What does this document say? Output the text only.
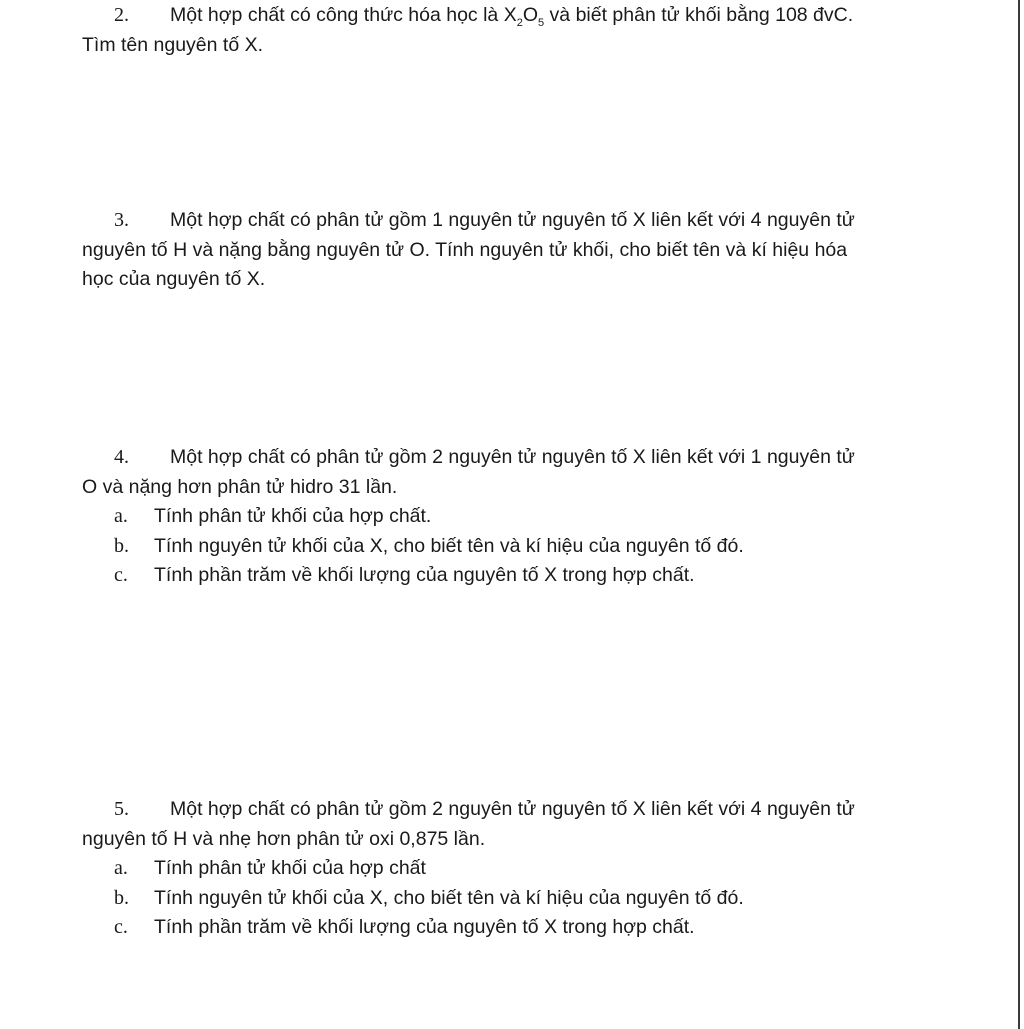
2. Một hợp chất có công thức hóa học là $X_2O_5$ và biết phân tử khối bằng 108 đvC.
Tìm tên nguyên tố X.
3. Một hợp chất có phân tử gồm 1 nguyên tử nguyên tố X liên kết với 4 nguyên tử
nguyên tố H và nặng bằng nguyên tử O. Tính nguyên tử khối, cho biết tên và kí hiệu hóa
học của nguyên tố X.
4. Một hợp chất có phân tử gồm 2 nguyên tử nguyên tố X liên kết với 1 nguyên tử
O và nặng hơn phân tử hidro 31 lần.
a. Tính phân tử khối của hợp chất.
b. Tính nguyên tử khối của X, cho biết tên và kí hiệu của nguyên tố đó.
c. Tính phần trăm về khối lượng của nguyên tố X trong hợp chất.
5. Một hợp chất có phân tử gồm 2 nguyên tử nguyên tố X liên kết với 4 nguyên tử
nguyên tố H và nhẹ hơn phân tử oxi 0,875 lần.
a. Tính phân tử khối của hợp chất
b. Tính nguyên tử khối của X, cho biết tên và kí hiệu của nguyên tố đó.
c. Tính phần trăm về khối lượng của nguyên tố X trong hợp chất.
